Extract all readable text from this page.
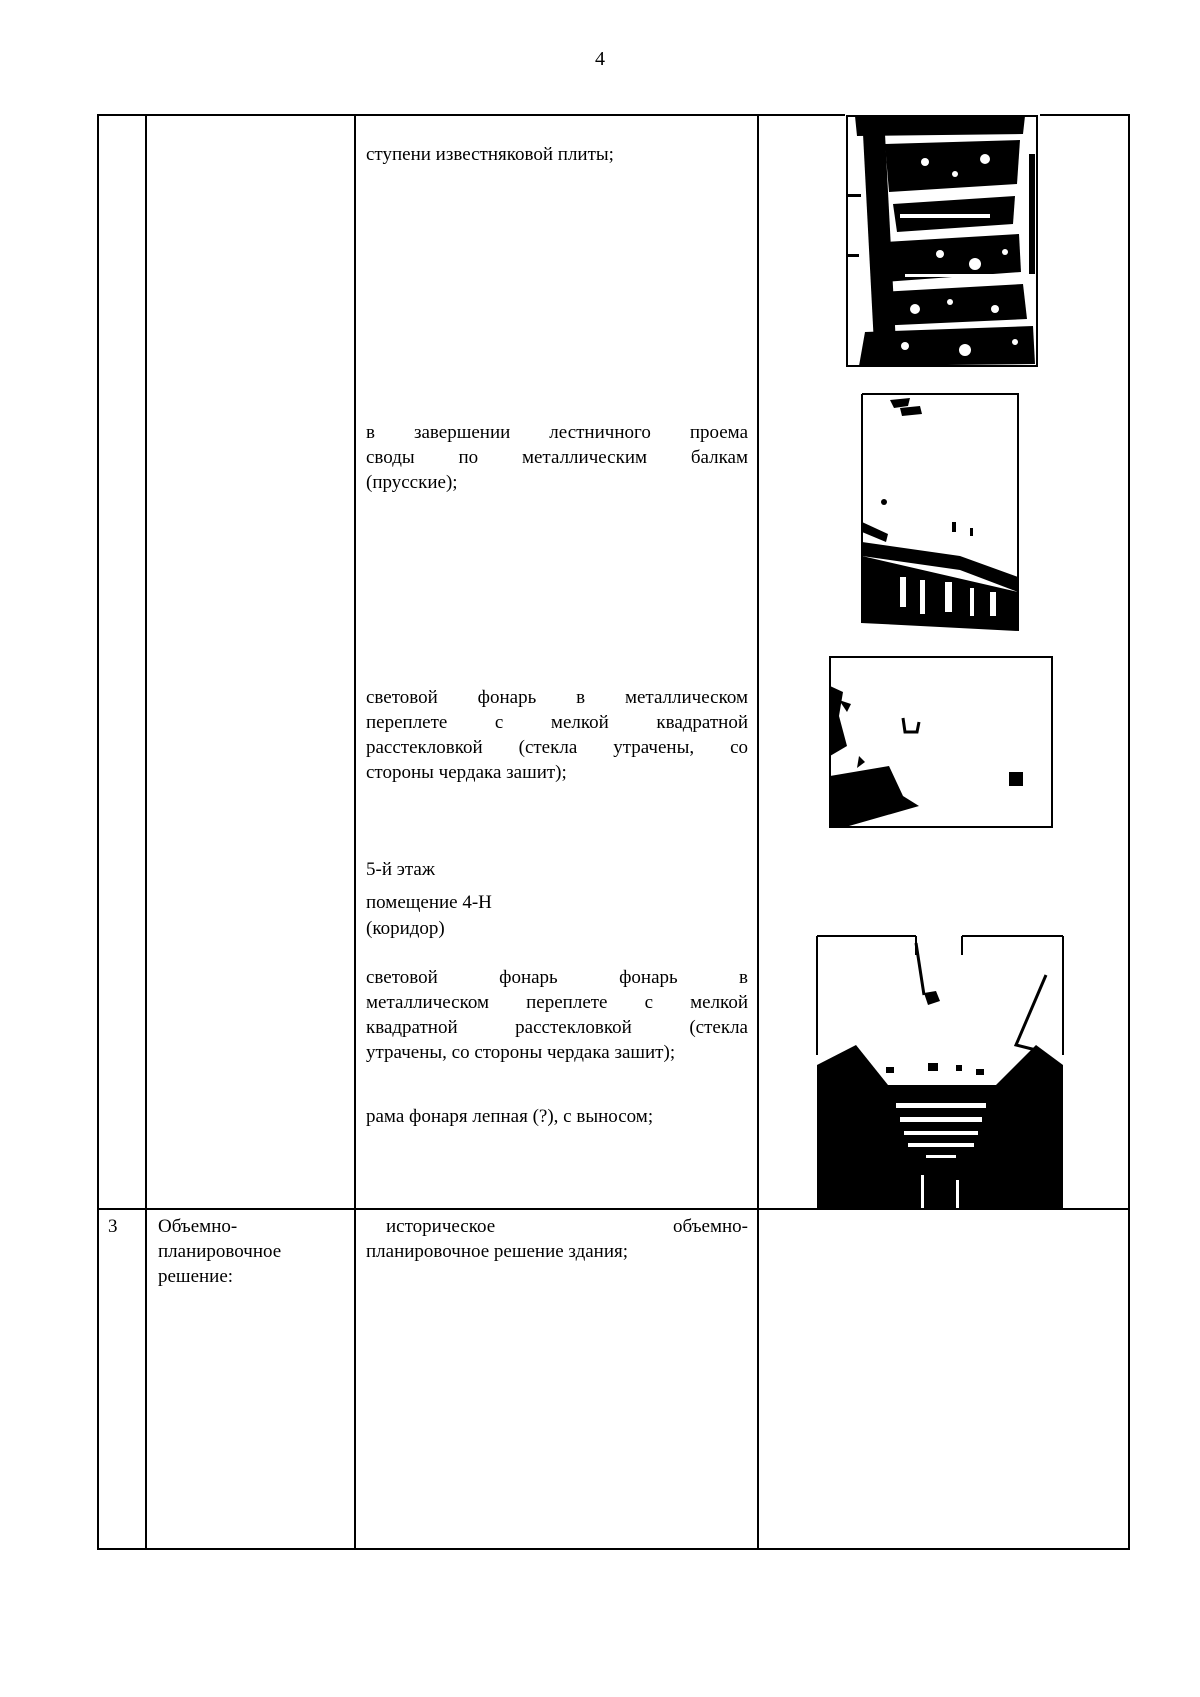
4
ступени известняковой плиты;
в завершении лестничного проема
своды по металлическим балкам
(прусские);
световой фонарь в металлическом
переплете с мелкой квадратной
расстекловкой (стекла утрачены, со
стороны чердака зашит);
5-й этаж
помещение 4-Н
(коридор)
световой фонарь фонарь в
металлическом переплете с мелкой
квадратной расстекловкой (стекла
утрачены, со стороны чердака зашит);
рама фонаря лепная (?), с выносом;
3	Объемно-
планировочное
решение:
историческое объемно-
планировочное решение здания;
